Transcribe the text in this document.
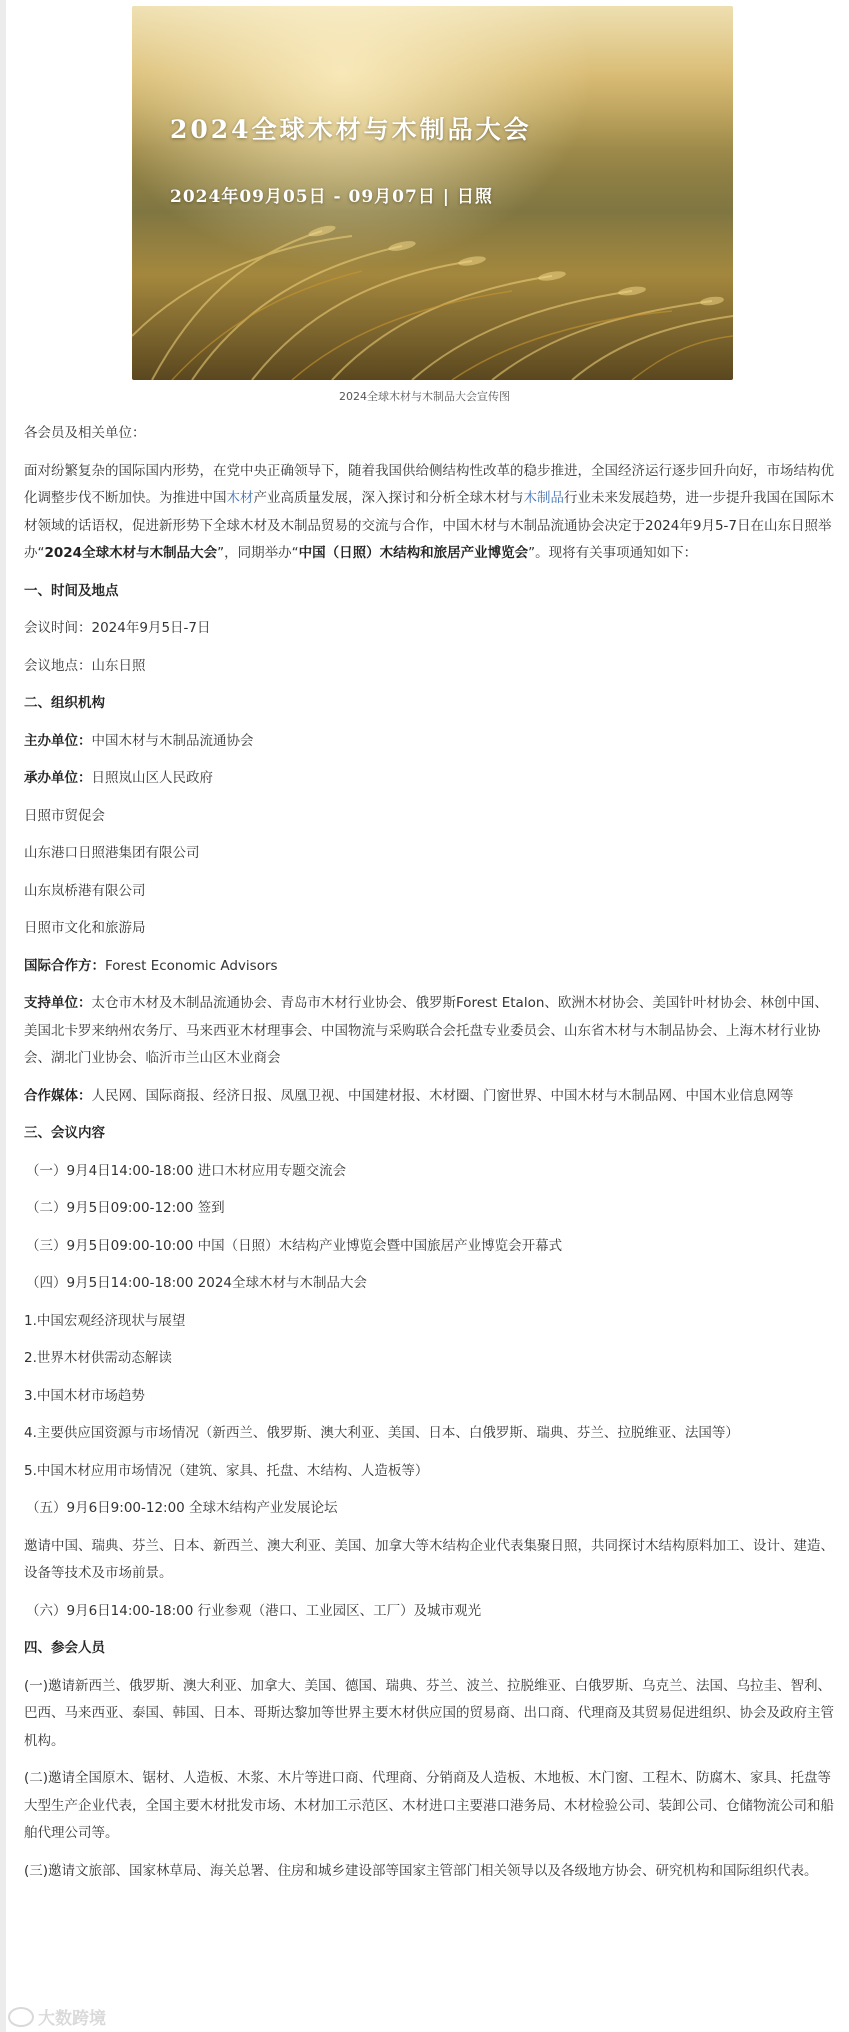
2024全球木材与木制品大会
2024年09月05日 - 09月07日 | 日照
2024全球木材与木制品大会宣传图

各会员及相关单位：

面对纷繁复杂的国际国内形势，在党中央正确领导下，随着我国供给侧结构性改革的稳步推进，全国经济运行逐步回升向好，市场结构优化调整步伐不断加快。为推进中国木材产业高质量发展，深入探讨和分析全球木材与木制品行业未来发展趋势，进一步提升我国在国际木材领域的话语权，促进新形势下全球木材及木制品贸易的交流与合作，中国木材与木制品流通协会决定于2024年9月5-7日在山东日照举办“2024全球木材与木制品大会”，同期举办“中国（日照）木结构和旅居产业博览会”。现将有关事项通知如下：

一、时间及地点

会议时间：2024年9月5日-7日

会议地点：山东日照

二、组织机构

主办单位：中国木材与木制品流通协会

承办单位：日照岚山区人民政府

日照市贸促会

山东港口日照港集团有限公司

山东岚桥港有限公司

日照市文化和旅游局

国际合作方：Forest Economic Advisors

支持单位：太仓市木材及木制品流通协会、青岛市木材行业协会、俄罗斯Forest Etalon、欧洲木材协会、美国针叶材协会、林创中国、美国北卡罗来纳州农务厅、马来西亚木材理事会、中国物流与采购联合会托盘专业委员会、山东省木材与木制品协会、上海木材行业协会、湖北门业协会、临沂市兰山区木业商会

合作媒体：人民网、国际商报、经济日报、凤凰卫视、中国建材报、木材圈、门窗世界、中国木材与木制品网、中国木业信息网等

三、会议内容

（一）9月4日14:00-18:00 进口木材应用专题交流会

（二）9月5日09:00-12:00 签到

（三）9月5日09:00-10:00 中国（日照）木结构产业博览会暨中国旅居产业博览会开幕式

（四）9月5日14:00-18:00 2024全球木材与木制品大会

1.中国宏观经济现状与展望

2.世界木材供需动态解读

3.中国木材市场趋势

4.主要供应国资源与市场情况（新西兰、俄罗斯、澳大利亚、美国、日本、白俄罗斯、瑞典、芬兰、拉脱维亚、法国等）

5.中国木材应用市场情况（建筑、家具、托盘、木结构、人造板等）

（五）9月6日9:00-12:00 全球木结构产业发展论坛

邀请中国、瑞典、芬兰、日本、新西兰、澳大利亚、美国、加拿大等木结构企业代表集聚日照，共同探讨木结构原料加工、设计、建造、设备等技术及市场前景。

（六）9月6日14:00-18:00 行业参观（港口、工业园区、工厂）及城市观光

四、参会人员

(一)邀请新西兰、俄罗斯、澳大利亚、加拿大、美国、德国、瑞典、芬兰、波兰、拉脱维亚、白俄罗斯、乌克兰、法国、乌拉圭、智利、巴西、马来西亚、泰国、韩国、日本、哥斯达黎加等世界主要木材供应国的贸易商、出口商、代理商及其贸易促进组织、协会及政府主管机构。

(二)邀请全国原木、锯材、人造板、木浆、木片等进口商、代理商、分销商及人造板、木地板、木门窗、工程木、防腐木、家具、托盘等大型生产企业代表，全国主要木材批发市场、木材加工示范区、木材进口主要港口港务局、木材检验公司、装卸公司、仓储物流公司和船舶代理公司等。

(三)邀请文旅部、国家林草局、海关总署、住房和城乡建设部等国家主管部门相关领导以及各级地方协会、研究机构和国际组织代表。

大数跨境
